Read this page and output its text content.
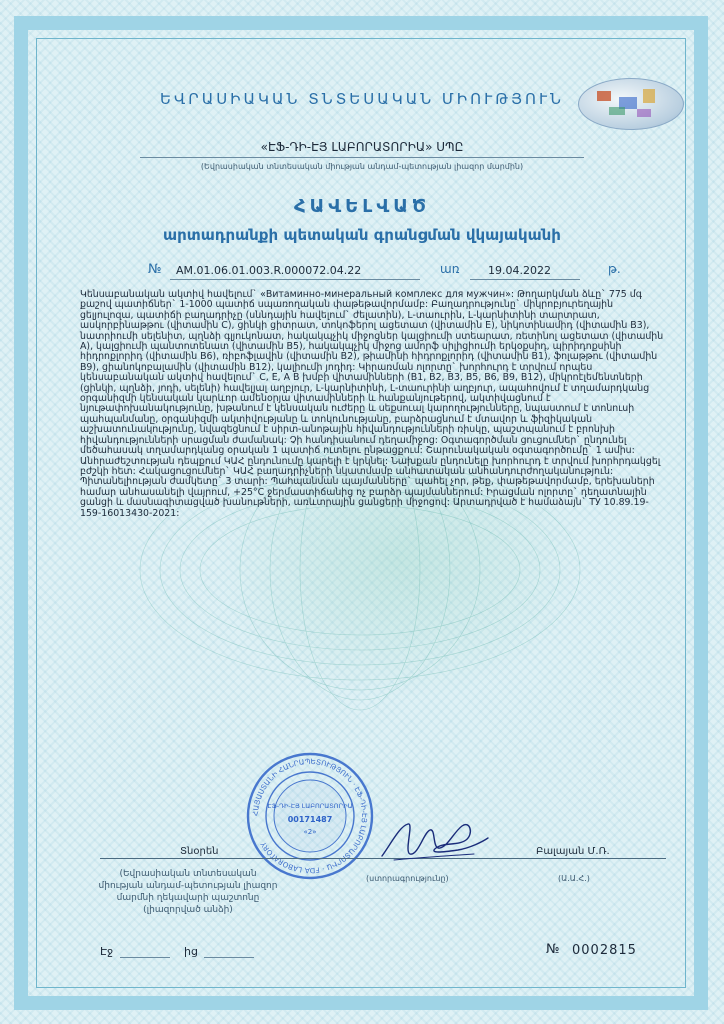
ԵՎՐԱՍԻԱԿԱՆ ՏՆՏԵՍԱԿԱՆ ՄԻՈՒԹՅՈՒՆ
«ԷՖ-ԴԻ-ԷՅ ԼԱԲՈՐԱՏՈՐԻԱ» ՍՊԸ
(Եվրասիական տնտեսական միության անդամ-պետության լիազոր մարմին)
ՀԱՎԵԼՎԱԾ
արտադրանքի պետական գրանցման վկայականի
№ AM.01.06.01.003.R.000072.04.22	առ	19.04.2022	թ.

Կենսաբանական ակտիվ հավելում` «Витаминно-минеральный комплекс для мужчин»: Թողարկման ձևը` 775 մգ քաշով պատիճներ` 1-1000 պատիճ սպառողական փաթեթավորմամբ: Բաղադրությունը` միկրոբյուրեղային ցելյուլոզա, պատիճի բաղադրիչը (սննդային հավելում` ժելատին), L-տաուրին, L-կարնիտինի տարտրատ, ասկորբինաթթու (վիտամին C), ցինկի ցիտրատ, տոկոֆերոլ ացետատ (վիտամին E), նիկոտինամիդ (վիտամին B3), նատրիումի սելենիտ, պղնձի գլյուկոնատ, հակակպչիկ միջոցներ կալցիումի ստեարատ, ռետինոլ ացետատ (վիտամին A), կալցիումի պանտոտենատ (վիտամին B5), հակակպչիկ միջոց ամորֆ սիլիցիումի երկօքսիդ, պիրիդոքսինի հիդրոքլորիդ (վիտամին B6), ռիբոֆլավին (վիտամին B2), թիամինի հիդրոքլորիդ (վիտամին B1), ֆոլաթթու (վիտամին B9), ցիանոկոբալամին (վիտամին B12), կալիումի յոդիդ: Կիրառման ոլորտը` խորհուրդ է տրվում որպես կենսաբանական ակտիվ հավելում` C, E, A B խմբի վիտամինների (B1, B2, B3, B5, B6, B9, B12), միկրոէլեմենտների (ցինկի, պղնձի, յոդի, սելենի) հավելյալ աղբյուր, L-կարնիտինի, L-տաուրինի աղբյուր, ապահովում է տղամարդկանց օրգանիզմի կենսական կարևոր ամենօրյա վիտամինների և հանքանյութերով, ակտիվացնում է նյութափոխանակությունը, խթանում է կենսական ուժերը և սեքսուալ կարողությունները, նպաստում է տոնուսի պահպանմանը, օրգանիզմի ակտիվությանը և տոկունությանը, բարձրացնում է մտավոր և ֆիզիկական աշխատունակությունը, նվազեցնում է սիրտ-անոթային հիվանդությունների ռիսկը, պաշտպանում է բրոնխի հիվանդությունների սրացման ժամանակ: Չի հանդիսանում դեղամիջոց: Օգտագործման ցուցումներ` ընդունել մեծահասակ տղամարդկանց օրական 1 պատիճ ուտելու ընթացքում: Շարունակական օգտագործումը` 1 ամիս: Անհրաժեշտության դեպքում ԿԱՀ ընդունումը կարելի է կրկնել: Նախքան ընդունելը խորհուրդ է տրվում խորհրդակցել բժշկի հետ: Հակացուցումներ` ԿԱՀ բաղադրիչների նկատմամբ անհատական անհանդուրժողականություն: Պիտանելիության ժամկետը` 3 տարի: Պահպանման պայմանները` պահել չոր, թեք, փաթեթավորմամբ, երեխաների համար անհասանելի վայրում, +25°C ջերմաստիճանից ոչ բարձր պայմաններում: Իրացման ոլորտը` դեղատնային ցանցի և մասնագիտացված խանութների, առևտրային ցանցերի միջոցով: Արտադրված է համաձայն` ТУ 10.89.19-159-16013430-2021:

ՀԱՅԱՍՏԱՆԻ ՀԱՆՐԱՊԵՏՈՒԹՅՈՒՆ · ԷՖ-ԴԻ-ԷՅ ԼԱԲՈՐԱՏՈՐԻԱ · FDA LABORATORY
ԷՖ-ԴԻ-ԷՅ ԼԱԲՈՐԱՏՈՐԻԱ
00171487
«2»
Տնօրեն	Բալայան Մ.Ռ.
(Եվրասիական տնտեսական միության անդամ-պետության լիազոր մարմնի ղեկավարի պաշտոնը (լիազորված անձի)
(ստորագրությունը)	(Ա.Ա.Հ.)
Էջ	ից	№ 0002815
